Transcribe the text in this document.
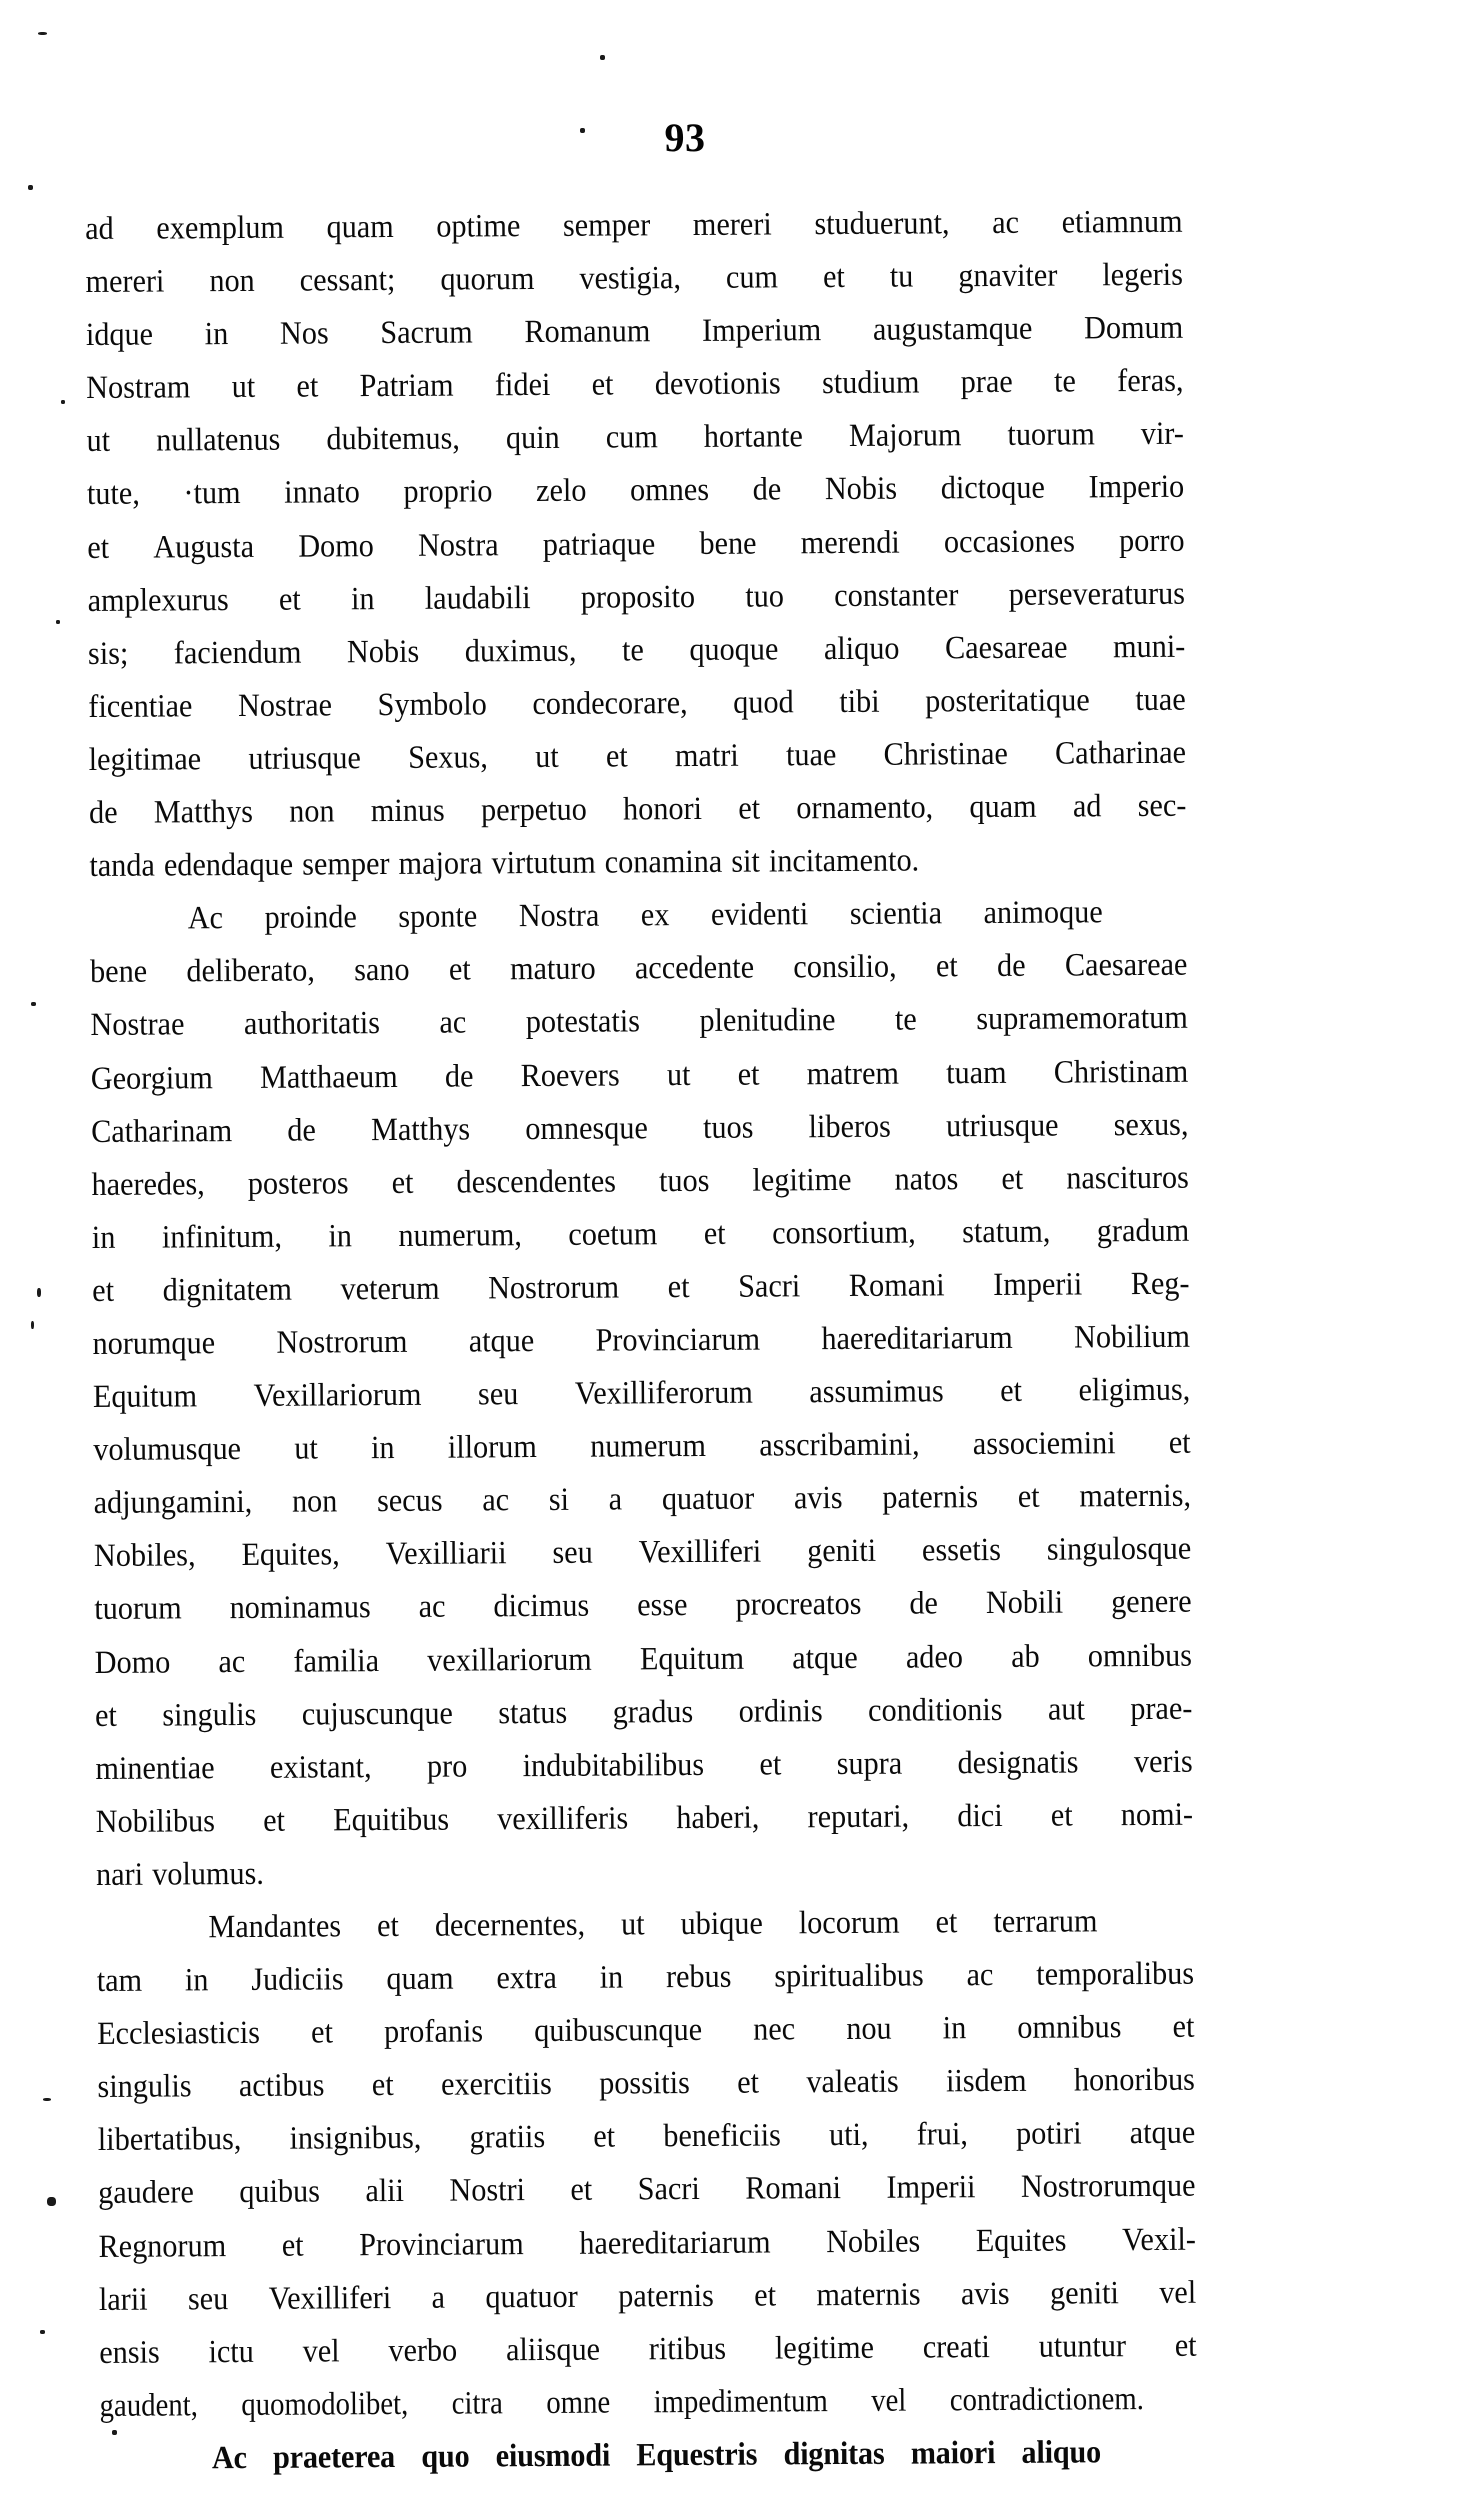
93
ad exemplum quam optime semper mereri studuerunt, ac etiamnum
mereri non cessant; quorum vestigia, cum et tu gnaviter legeris
idque in Nos Sacrum Romanum Imperium augustamque Domum
Nostram ut et Patriam fidei et devotionis studium prae te feras,
ut nullatenus dubitemus, quin cum hortante Majorum tuorum vir-
tute, ·tum innato proprio zelo omnes de Nobis dictoque Imperio
et Augusta Domo Nostra patriaque bene merendi occasiones porro
amplexurus et in laudabili proposito tuo constanter perseveraturus
sis; faciendum Nobis duximus, te quoque aliquo Caesareae muni-
ficentiae Nostrae Symbolo condecorare, quod tibi posteritatique tuae
legitimae utriusque Sexus, ut et matri tuae Christinae Catharinae
de Matthys non minus perpetuo honori et ornamento, quam ad sec-
tanda edendaque semper majora virtutum conamina sit incitamento.
Ac proinde sponte Nostra ex evidenti scientia animoque
bene deliberato, sano et maturo accedente consilio, et de Caesareae
Nostrae authoritatis ac potestatis plenitudine te supramemoratum
Georgium Matthaeum de Roevers ut et matrem tuam Christinam
Catharinam de Matthys omnesque tuos liberos utriusque sexus,
haeredes, posteros et descendentes tuos legitime natos et nascituros
in infinitum, in numerum, coetum et consortium, statum, gradum
et dignitatem veterum Nostrorum et Sacri Romani Imperii Reg-
norumque Nostrorum atque Provinciarum haereditariarum Nobilium
Equitum Vexillariorum seu Vexilliferorum assumimus et eligimus,
volumusque ut in illorum numerum asscribamini, associemini et
adjungamini, non secus ac si a quatuor avis paternis et maternis,
Nobiles, Equites, Vexilliarii seu Vexilliferi geniti essetis singulosque
tuorum nominamus ac dicimus esse procreatos de Nobili genere
Domo ac familia vexillariorum Equitum atque adeo ab omnibus
et singulis cujuscunque status gradus ordinis conditionis aut prae-
minentiae existant, pro indubitabilibus et supra designatis veris
Nobilibus et Equitibus vexilliferis haberi, reputari, dici et nomi-
nari volumus.
Mandantes et decernentes, ut ubique locorum et terrarum
tam in Judiciis quam extra in rebus spiritualibus ac temporalibus
Ecclesiasticis et profanis quibuscunque nec nou in omnibus et
singulis actibus et exercitiis possitis et valeatis iisdem honoribus
libertatibus, insignibus, gratiis et beneficiis uti, frui, potiri atque
gaudere quibus alii Nostri et Sacri Romani Imperii Nostrorumque
Regnorum et Provinciarum haereditariarum Nobiles Equites Vexil-
larii seu Vexilliferi a quatuor paternis et maternis avis geniti vel
ensis ictu vel verbo aliisque ritibus legitime creati utuntur et
gaudent, quomodolibet, citra omne impedimentum vel contradictionem.
Ac praeterea quo eiusmodi Equestris dignitas maiori aliquo
